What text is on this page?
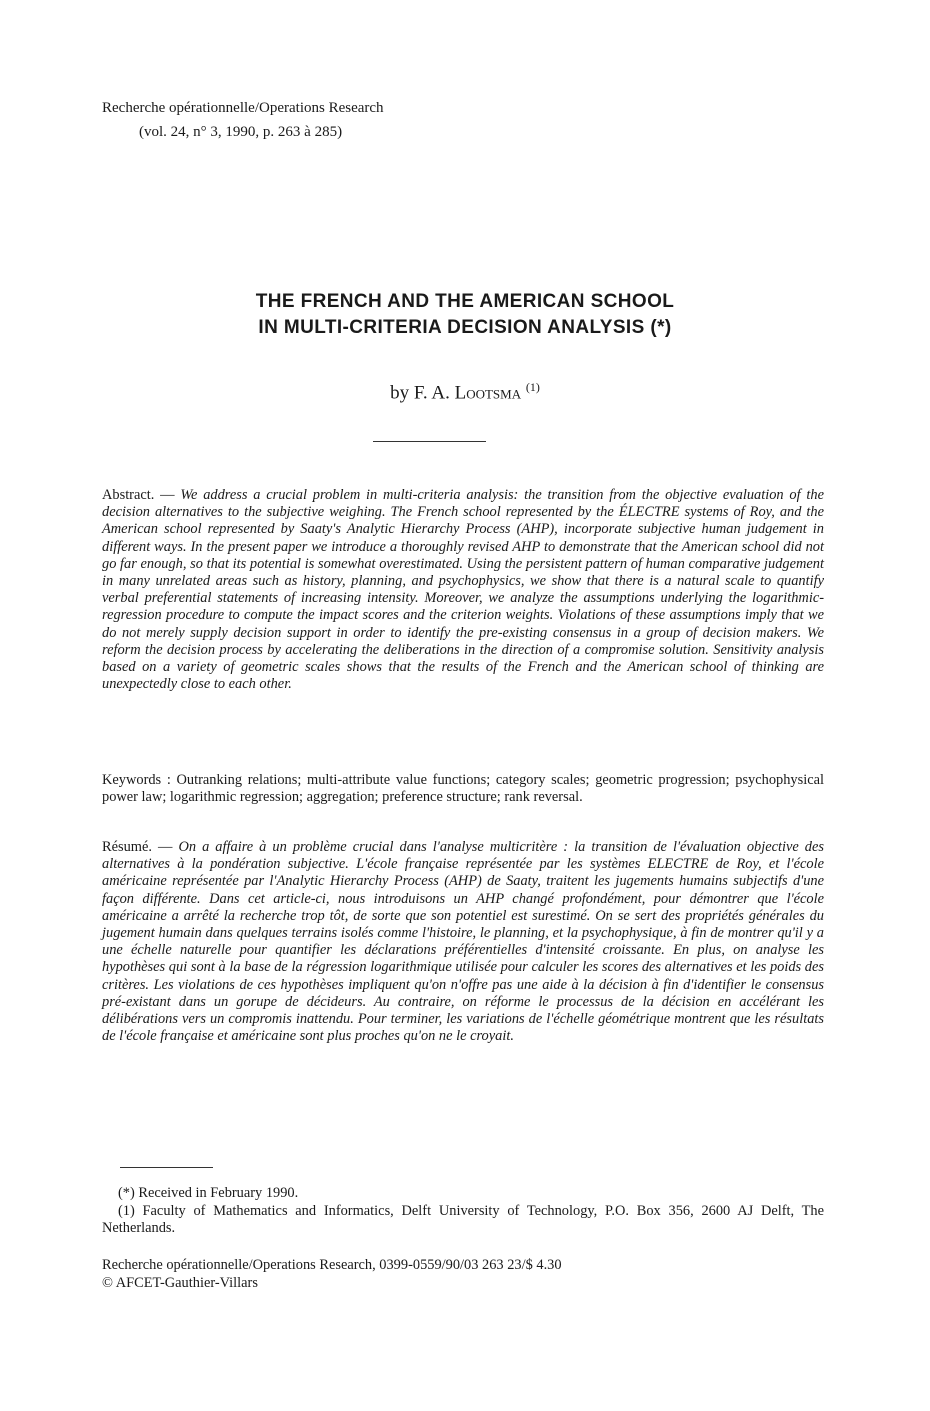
Recherche opérationnelle/Operations Research
(vol. 24, n° 3, 1990, p. 263 à 285)
THE FRENCH AND THE AMERICAN SCHOOL
IN MULTI-CRITERIA DECISION ANALYSIS (*)
by F. A. Lootsma $^{(1)}$
Abstract. — We address a crucial problem in multi-criteria analysis: the transition from the objective evaluation of the decision alternatives to the subjective weighing. The French school represented by the ÉLECTRE systems of Roy, and the American school represented by Saaty's Analytic Hierarchy Process (AHP), incorporate subjective human judgement in different ways. In the present paper we introduce a thoroughly revised AHP to demonstrate that the American school did not go far enough, so that its potential is somewhat overestimated. Using the persistent pattern of human comparative judgement in many unrelated areas such as history, planning, and psychophysics, we show that there is a natural scale to quantify verbal preferential statements of increasing intensity. Moreover, we analyze the assumptions underlying the logarithmic-regression procedure to compute the impact scores and the criterion weights. Violations of these assumptions imply that we do not merely supply decision support in order to identify the pre-existing consensus in a group of decision makers. We reform the decision process by accelerating the deliberations in the direction of a compromise solution. Sensitivity analysis based on a variety of geometric scales shows that the results of the French and the American school of thinking are unexpectedly close to each other.
Keywords : Outranking relations; multi-attribute value functions; category scales; geometric progression; psychophysical power law; logarithmic regression; aggregation; preference structure; rank reversal.
Résumé. — On a affaire à un problème crucial dans l'analyse multicritère : la transition de l'évaluation objective des alternatives à la pondération subjective. L'école française représentée par les systèmes ELECTRE de Roy, et l'école américaine représentée par l'Analytic Hierarchy Process (AHP) de Saaty, traitent les jugements humains subjectifs d'une façon différente. Dans cet article-ci, nous introduisons un AHP changé profondément, pour démontrer que l'école américaine a arrêté la recherche trop tôt, de sorte que son potentiel est surestimé. On se sert des propriétés générales du jugement humain dans quelques terrains isolés comme l'histoire, le planning, et la psychophysique, à fin de montrer qu'il y a une échelle naturelle pour quantifier les déclarations préférentielles d'intensité croissante. En plus, on analyse les hypothèses qui sont à la base de la régression logarithmique utilisée pour calculer les scores des alternatives et les poids des critères. Les violations de ces hypothèses impliquent qu'on n'offre pas une aide à la décision à fin d'identifier le consensus pré-existant dans un gorupe de décideurs. Au contraire, on réforme le processus de la décision en accélérant les délibérations vers un compromis inattendu. Pour terminer, les variations de l'échelle géométrique montrent que les résultats de l'école française et américaine sont plus proches qu'on ne le croyait.
(*) Received in February 1990.
(1) Faculty of Mathematics and Informatics, Delft University of Technology, P.O. Box 356, 2600 AJ Delft, The Netherlands.
Recherche opérationnelle/Operations Research, 0399-0559/90/03 263 23/$ 4.30
© AFCET-Gauthier-Villars
